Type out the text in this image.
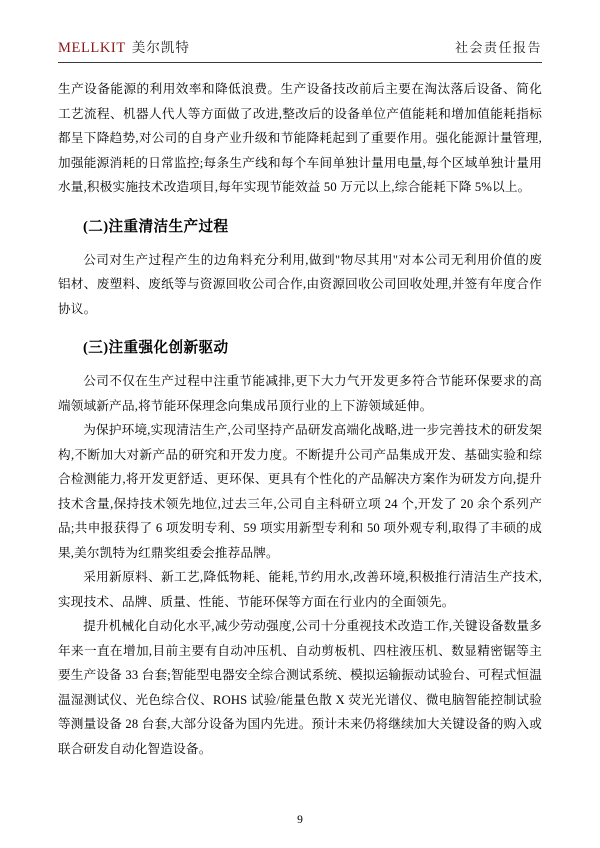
MELLKIT 美尔凯特	社会责任报告

生产设备能源的利用效率和降低浪费。生产设备技改前后主要在淘汰落后设备、简化工艺流程、机器人代人等方面做了改进,整改后的设备单位产值能耗和增加值能耗指标都呈下降趋势,对公司的自身产业升级和节能降耗起到了重要作用。强化能源计量管理,加强能源消耗的日常监控;每条生产线和每个车间单独计量用电量,每个区域单独计量用水量,积极实施技术改造项目,每年实现节能效益 50 万元以上,综合能耗下降 5%以上。

(二)注重清洁生产过程

公司对生产过程产生的边角料充分利用,做到"物尽其用"对本公司无利用价值的废铝材、废塑料、废纸等与资源回收公司合作,由资源回收公司回收处理,并签有年度合作协议。

(三)注重强化创新驱动

公司不仅在生产过程中注重节能减排,更下大力气开发更多符合节能环保要求的高端领域新产品,将节能环保理念向集成吊顶行业的上下游领域延伸。

为保护环境,实现清洁生产,公司坚持产品研发高端化战略,进一步完善技术的研发架构,不断加大对新产品的研究和开发力度。不断提升公司产品集成开发、基础实验和综合检测能力,将开发更舒适、更环保、更具有个性化的产品解决方案作为研发方向,提升技术含量,保持技术领先地位,过去三年,公司自主科研立项 24 个,开发了 20 余个系列产品;共申报获得了 6 项发明专利、59 项实用新型专利和 50 项外观专利,取得了丰硕的成果,美尔凯特为红鼎奖组委会推荐品牌。

采用新原料、新工艺,降低物耗、能耗,节约用水,改善环境,积极推行清洁生产技术,实现技术、品牌、质量、性能、节能环保等方面在行业内的全面领先。

提升机械化自动化水平,减少劳动强度,公司十分重视技术改造工作,关键设备数量多年来一直在增加,目前主要有自动冲压机、自动剪板机、四柱液压机、数显精密锯等主要生产设备 33 台套;智能型电器安全综合测试系统、模拟运输振动试验台、可程式恒温温湿测试仪、光色综合仪、ROHS 试验/能量色散 X 荧光光谱仪、微电脑智能控制试验等测量设备 28 台套,大部分设备为国内先进。预计未来仍将继续加大关键设备的购入或联合研发自动化智造设备。

9
